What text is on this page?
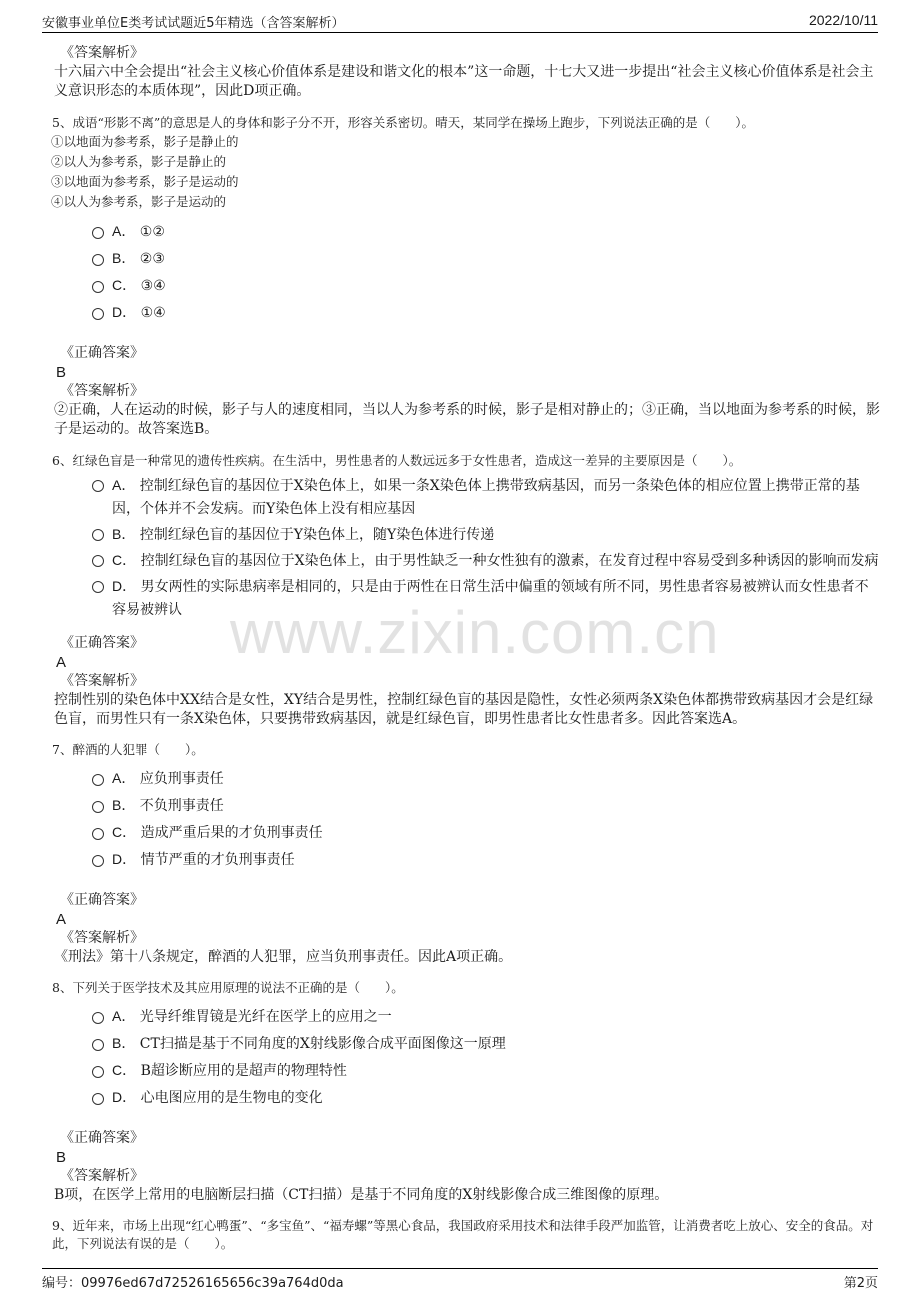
安徽事业单位E类考试试题近5年精选（含答案解析）	2022/10/11
www.zixin.com.cn
《答案解析》
十六届六中全会提出“社会主义核心价值体系是建设和谐文化的根本”这一命题，十七大又进一步提出“社会主义核心价值体系是社会主义意识形态的本质体现”，因此D项正确。
5、成语“形影不离”的意思是人的身体和影子分不开，形容关系密切。晴天，某同学在操场上跑步，下列说法正确的是（　　）。
①以地面为参考系，影子是静止的
②以人为参考系，影子是静止的
③以地面为参考系，影子是运动的
④以人为参考系，影子是运动的
A． ①②
B． ②③
C． ③④
D． ①④
《正确答案》
B
《答案解析》
②正确，人在运动的时候，影子与人的速度相同，当以人为参考系的时候，影子是相对静止的；③正确，当以地面为参考系的时候，影子是运动的。故答案选B。
6、红绿色盲是一种常见的遗传性疾病。在生活中，男性患者的人数远远多于女性患者，造成这一差异的主要原因是（　　）。
A． 控制红绿色盲的基因位于X染色体上，如果一条X染色体上携带致病基因，而另一条染色体的相应位置上携带正常的基因，个体并不会发病。而Y染色体上没有相应基因
B． 控制红绿色盲的基因位于Y染色体上，随Y染色体进行传递
C． 控制红绿色盲的基因位于X染色体上，由于男性缺乏一种女性独有的激素，在发育过程中容易受到多种诱因的影响而发病
D． 男女两性的实际患病率是相同的，只是由于两性在日常生活中偏重的领域有所不同，男性患者容易被辨认而女性患者不容易被辨认
《正确答案》
A
《答案解析》
控制性别的染色体中XX结合是女性，XY结合是男性，控制红绿色盲的基因是隐性，女性必须两条X染色体都携带致病基因才会是红绿色盲，而男性只有一条X染色体，只要携带致病基因，就是红绿色盲，即男性患者比女性患者多。因此答案选A。
7、醉酒的人犯罪（　　）。
A． 应负刑事责任
B． 不负刑事责任
C． 造成严重后果的才负刑事责任
D． 情节严重的才负刑事责任
《正确答案》
A
《答案解析》
《刑法》第十八条规定，醉酒的人犯罪，应当负刑事责任。因此A项正确。
8、下列关于医学技术及其应用原理的说法不正确的是（　　）。
A． 光导纤维胃镜是光纤在医学上的应用之一
B． CT扫描是基于不同角度的X射线影像合成平面图像这一原理
C． B超诊断应用的是超声的物理特性
D． 心电图应用的是生物电的变化
《正确答案》
B
《答案解析》
B项，在医学上常用的电脑断层扫描（CT扫描）是基于不同角度的X射线影像合成三维图像的原理。
9、近年来，市场上出现“红心鸭蛋”、“多宝鱼”、“福寿螺”等黑心食品，我国政府采用技术和法律手段严加监管，让消费者吃上放心、安全的食品。对此，下列说法有误的是（　　）。
编号：09976ed67d72526165656c39a764d0da	第2页
